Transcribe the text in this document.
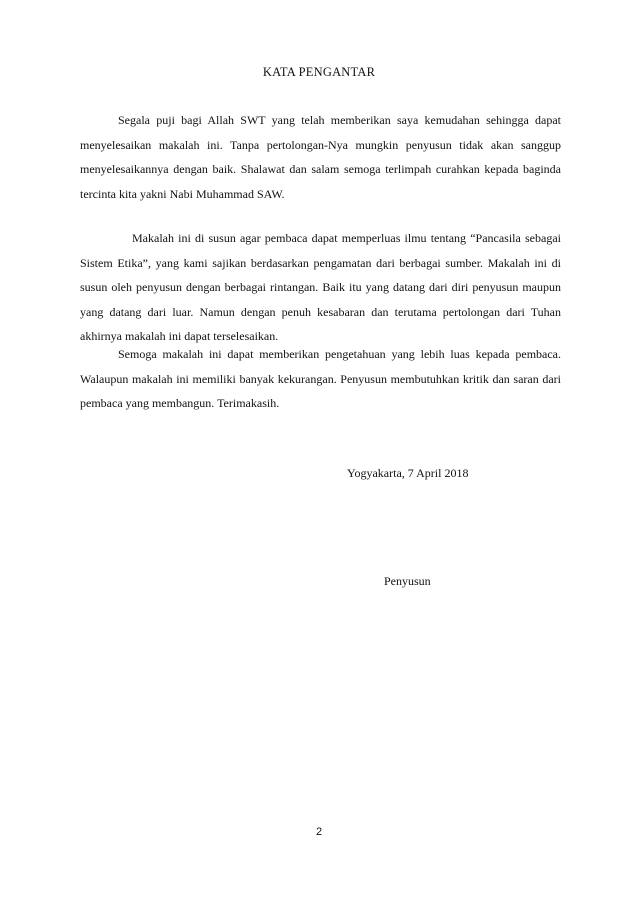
KATA PENGANTAR

Segala puji bagi Allah SWT yang telah memberikan saya kemudahan sehingga dapat menyelesaikan makalah ini. Tanpa pertolongan-Nya mungkin penyusun tidak akan sanggup menyelesaikannya dengan baik. Shalawat dan salam semoga terlimpah curahkan kepada baginda tercinta kita yakni Nabi Muhammad SAW.

Makalah ini di susun agar pembaca dapat memperluas ilmu tentang “Pancasila sebagai Sistem Etika”, yang kami sajikan berdasarkan pengamatan dari berbagai sumber. Makalah ini di susun oleh penyusun dengan berbagai rintangan. Baik itu yang datang dari diri penyusun maupun yang datang dari luar. Namun dengan penuh kesabaran dan terutama pertolongan dari Tuhan akhirnya makalah ini dapat terselesaikan.

Semoga makalah ini dapat memberikan pengetahuan yang lebih luas kepada pembaca. Walaupun makalah ini memiliki banyak kekurangan. Penyusun membutuhkan kritik dan saran dari pembaca yang membangun. Terimakasih.

Yogyakarta, 7 April 2018
Penyusun
2
